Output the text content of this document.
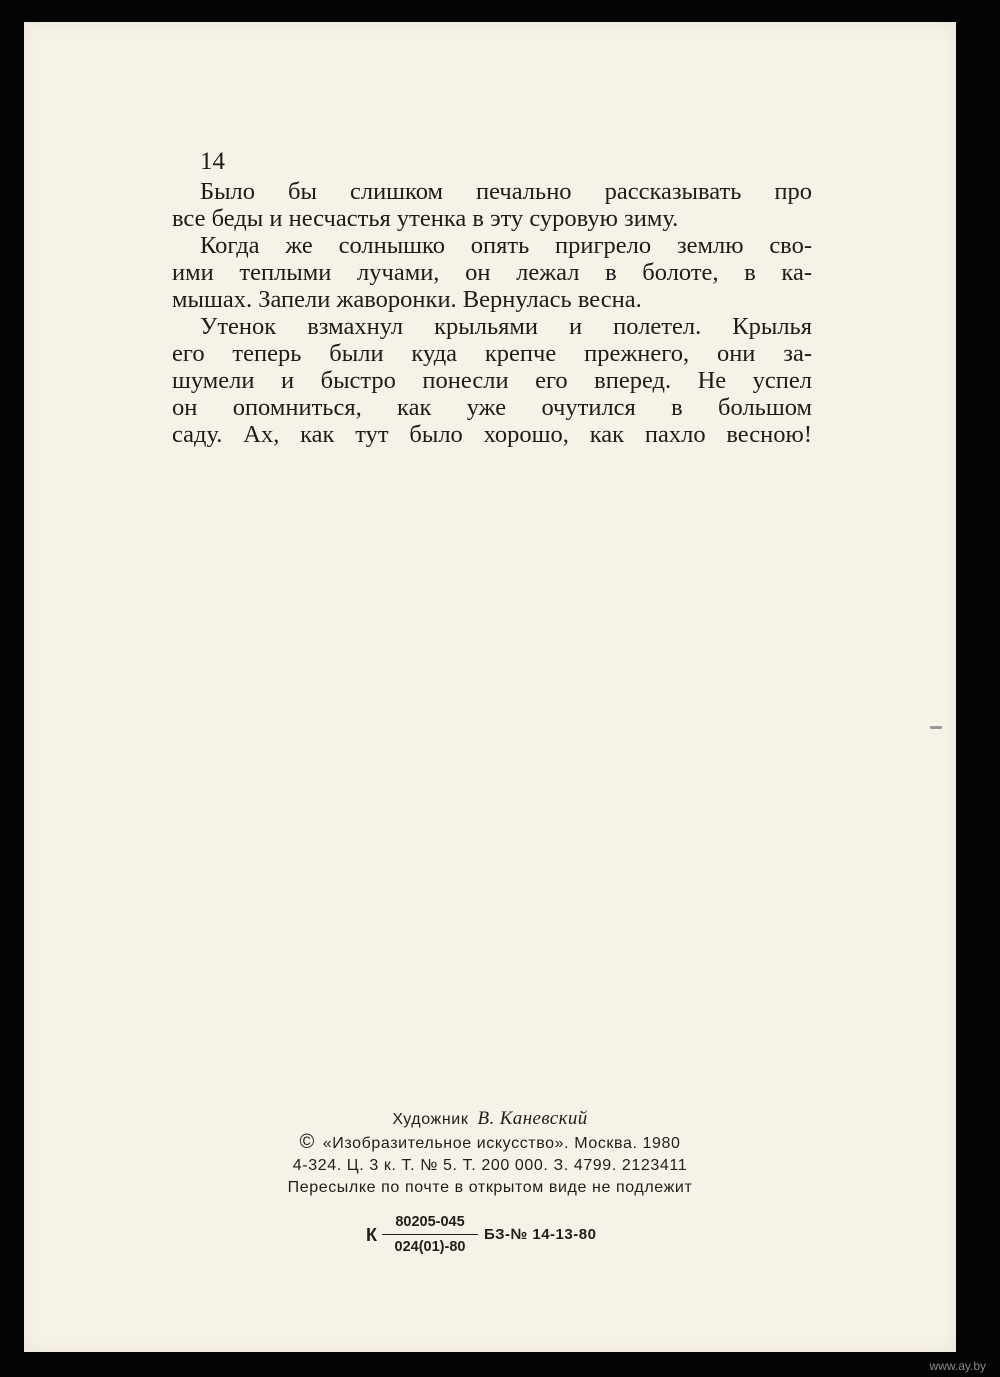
14
Было бы слишком печально рассказывать про
все беды и несчастья утенка в эту суровую зиму.
Когда же солнышко опять пригрело землю сво-
ими теплыми лучами, он лежал в болоте, в ка-
мышах. Запели жаворонки. Вернулась весна.
Утенок взмахнул крыльями и полетел. Крылья
его теперь были куда крепче прежнего, они за-
шумели и быстро понесли его вперед. Не успел
он опомниться, как уже очутился в большом
саду. Ах, как тут было хорошо, как пахло весною!
Художник В. Каневский
© «Изобразительное искусство». Москва. 1980
4-324. Ц. 3 к. Т. № 5. Т. 200 000. З. 4799. 2123411
Пересылке по почте в открытом виде не подлежит
К $\frac{80205-045}{024(01)-80}$ БЗ-№ 14-13-80
www.ay.by
